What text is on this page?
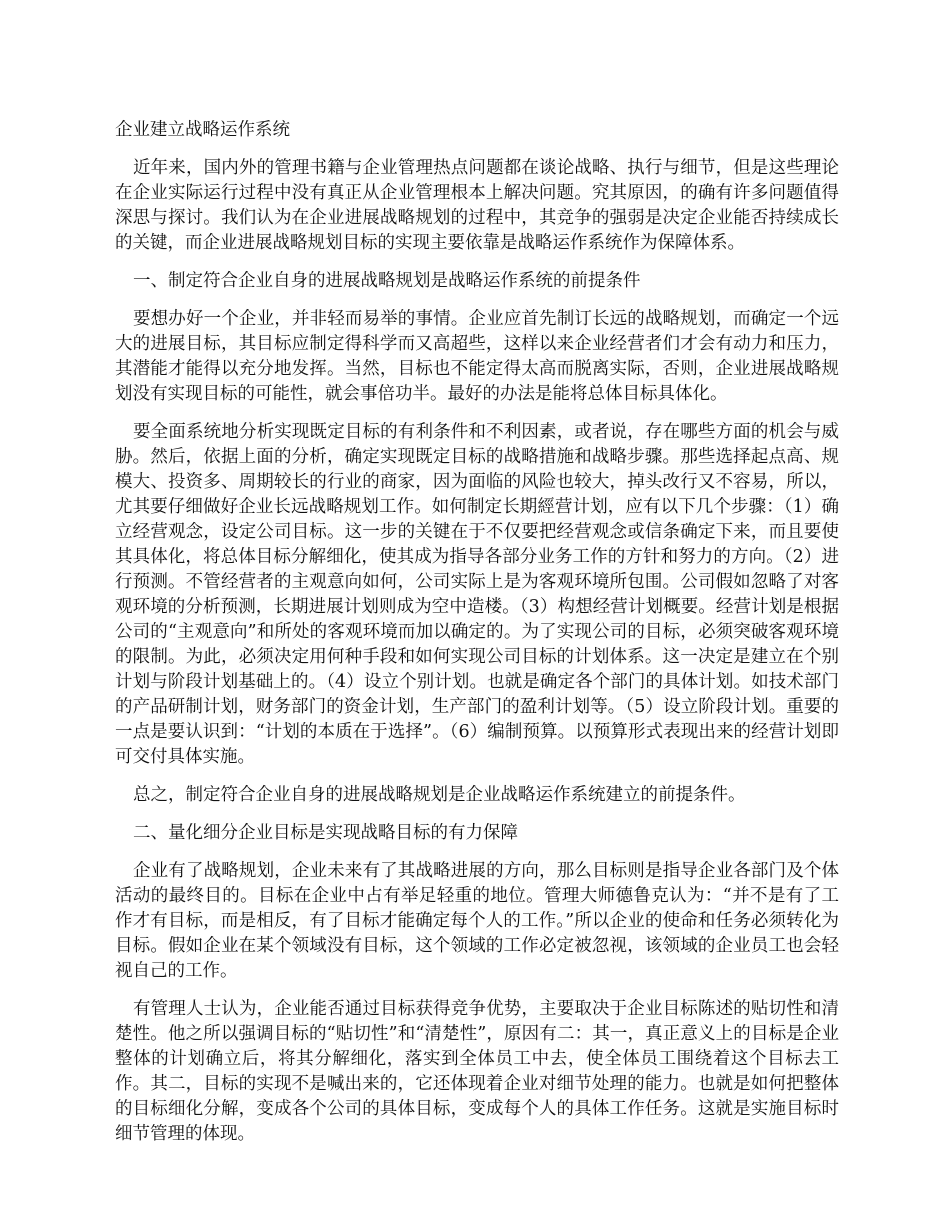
企业建立战略运作系统

近年来，国内外的管理书籍与企业管理热点问题都在谈论战略、执行与细节，但是这些理论在企业实际运行过程中没有真正从企业管理根本上解决问题。究其原因，的确有许多问题值得深思与探讨。我们认为在企业进展战略规划的过程中，其竞争的强弱是决定企业能否持续成长的关键，而企业进展战略规划目标的实现主要依靠是战略运作系统作为保障体系。

一、制定符合企业自身的进展战略规划是战略运作系统的前提条件

要想办好一个企业，并非轻而易举的事情。企业应首先制订长远的战略规划，而确定一个远大的进展目标，其目标应制定得科学而又高超些，这样以来企业经营者们才会有动力和压力，其潜能才能得以充分地发挥。当然，目标也不能定得太高而脱离实际，否则，企业进展战略规划没有实现目标的可能性，就会事倍功半。最好的办法是能将总体目标具体化。

要全面系统地分析实现既定目标的有利条件和不利因素，或者说，存在哪些方面的机会与威胁。然后，依据上面的分析，确定实现既定目标的战略措施和战略步骤。那些选择起点高、规模大、投资多、周期较长的行业的商家，因为面临的风险也较大，掉头改行又不容易，所以，尤其要仔细做好企业长远战略规划工作。如何制定长期經营计划，应有以下几个步骤：（1）确立经营观念，设定公司目标。这一步的关键在于不仅要把经营观念或信条确定下来，而且要使其具体化，将总体目标分解细化，使其成为指导各部分业务工作的方针和努力的方向。（2）进行预测。不管经营者的主观意向如何，公司实际上是为客观环境所包围。公司假如忽略了对客观环境的分析预测，长期进展计划则成为空中造楼。（3）构想经营计划概要。经营计划是根据公司的“主观意向”和所处的客观环境而加以确定的。为了实现公司的目标，必须突破客观环境的限制。为此，必须决定用何种手段和如何实现公司目标的计划体系。这一决定是建立在个别计划与阶段计划基础上的。（4）设立个别计划。也就是确定各个部门的具体计划。如技术部门的产品研制计划，财务部门的资金计划，生产部门的盈利计划等。（5）设立阶段计划。重要的一点是要认识到：“计划的本质在于选择”。（6）编制预算。以预算形式表现出来的经营计划即可交付具体实施。

总之，制定符合企业自身的进展战略规划是企业战略运作系统建立的前提条件。

二、量化细分企业目标是实现战略目标的有力保障

企业有了战略规划，企业未来有了其战略进展的方向，那么目标则是指导企业各部门及个体活动的最终目的。目标在企业中占有举足轻重的地位。管理大师德鲁克认为：“并不是有了工作才有目标，而是相反，有了目标才能确定每个人的工作。”所以企业的使命和任务必须转化为目标。假如企业在某个领域没有目标，这个领域的工作必定被忽视，该领域的企业员工也会轻视自己的工作。

有管理人士认为，企业能否通过目标获得竞争优势，主要取决于企业目标陈述的贴切性和清楚性。他之所以强调目标的“贴切性”和“清楚性”，原因有二：其一，真正意义上的目标是企业整体的计划确立后，将其分解细化，落实到全体员工中去，使全体员工围绕着这个目标去工作。其二，目标的实现不是喊出来的，它还体现着企业对细节处理的能力。也就是如何把整体的目标细化分解，变成各个公司的具体目标，变成每个人的具体工作任务。这就是实施目标时细节管理的体现。
